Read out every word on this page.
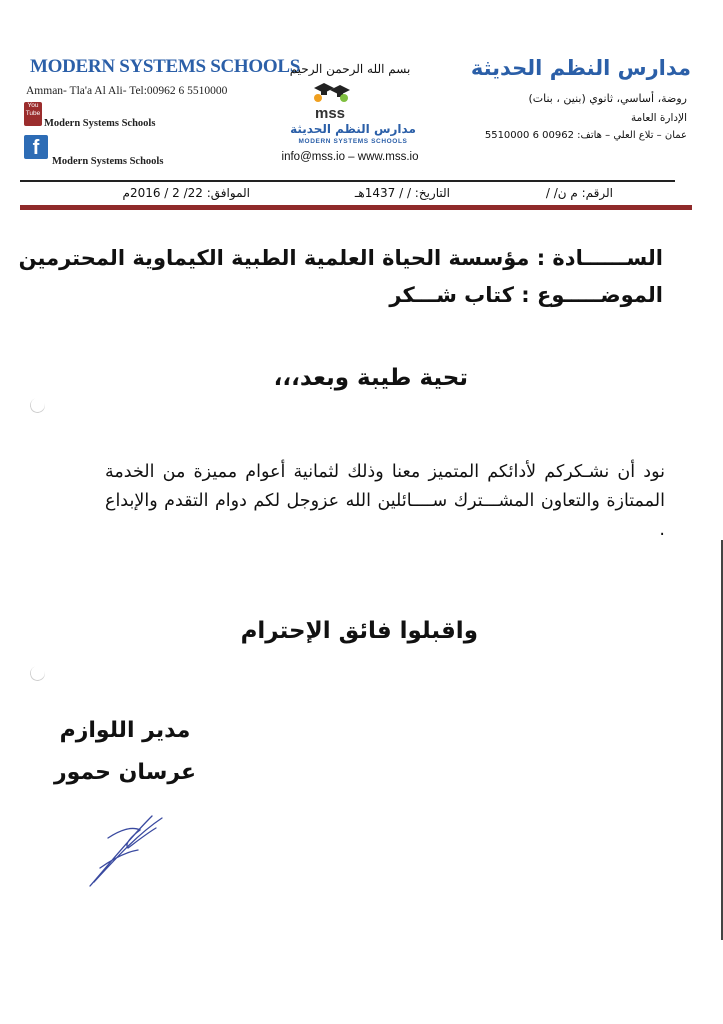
MODERN SYSTEMS SCHOOLS
Amman- Tla'a Al Ali- Tel:00962 6 5510000
You
Tube
Modern Systems Schools
f
Modern Systems Schools
بسم الله الرحمن الرحيم
mss
مدارس النظم الحديثة
MODERN SYSTEMS SCHOOLS
info@mss.io – www.mss.io
مدارس النظم الحديثة
روضة، أساسي، ثانوي (بنين ، بنات)
الإدارة العامة
عمان – تلاع العلي – هاتف: 00962 6 5510000
الرقم: م ن/ /
التاريخ: / / 1437هـ
الموافق: 22/ 2 / 2016م
الســــــادة : مؤسسة الحياة العلمية الطبية الكيماوية المحترمين
الموضـــــوع : كتاب شـــكر
تحية طيبة وبعد،،،
نود أن نشـكركم لأدائكم المتميز معنا وذلك لثمانية أعوام مميزة من الخدمة الممتازة والتعاون المشـــترك ســــائلين الله عزوجل لكم دوام التقدم والإبداع .
واقبلوا فائق الإحترام
مدير اللوازم
عرسان حمور
